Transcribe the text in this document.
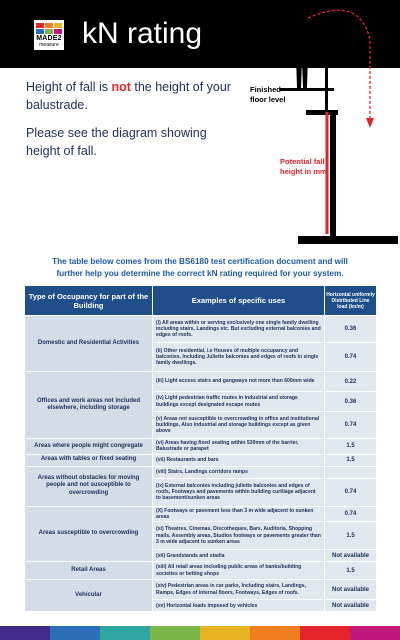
MADE2
measure kN rating

Height of fall is not the height of your balustrade.

Please see the diagram showing height of fall.

Finished
floor level
Potential fall
height in mm
The table below comes from the BS6180 test certification document and will further help you determine the correct kN rating required for your system.
Type of Occupancy for part of the Building	Examples of specific uses	Horizontal uniformly Distributed Line load (kn/m)
Domestic and Residential Activities	(i) All areas within or serving exclusively one single family dwelling including stairs, Landings etc. But excluding external balconies and edges of roofs.	0.36
	(ii) Other residential, i.e Houses of multiple occupancy and balconies, Including Juliette balconies and edges of roofs in single family dwellings.	0.74
Offices and work areas not included elsewhere, including storage	(iii) Light access stairs and gangways not more than 600mm wide	0.22
	(iv) Light pedestrian traffic routes in industrial and storage buildings except designated escape routes	0.36
	(v) Areas not susceptible to overcrowding in office and institutional buildings, Also industrial and storage buildings except as given above	0.74
Areas where people might congregate	(vi) Areas having fixed seating within 530mm of the barrier, Balustrade or parapet	1.5
Areas with tables or fixed seating	(vii) Restaurants and bars	1.5
Areas without obstacles for moving people and not susceptible to overcrowding	(viii) Stairs, Landings corridors ramps	
	(ix) External balconies including juliette balconies and edges of roofs, Footways and pavements within building curtilage adjacent to basement/sunken areas	0.74
Areas susceptible to overcrowding	(X) Footways or pavement less than 3 m wide adjacent to sunken areas	0.74
	(xi) Theatres, Cinemas, Discotheques, Bars, Auditoria, Shopping malls, Assembly areas, Studios footways or pavements greater than 3 m wide adjacent to sunken areas	1.5
	(xii) Grandstands and stadia	Not available
Retail Areas	(xiii) All retail areas including public areas of banks/building societies or betting shops	1.5
Vehicular	(xiv) Pedestrian areas in car parks, Including stairs, Landings, Ramps, Edges of internal floors, Footways, Edges of roofs.	Not available
	(xv) Horizontal loads imposed by vehicles	Not available
